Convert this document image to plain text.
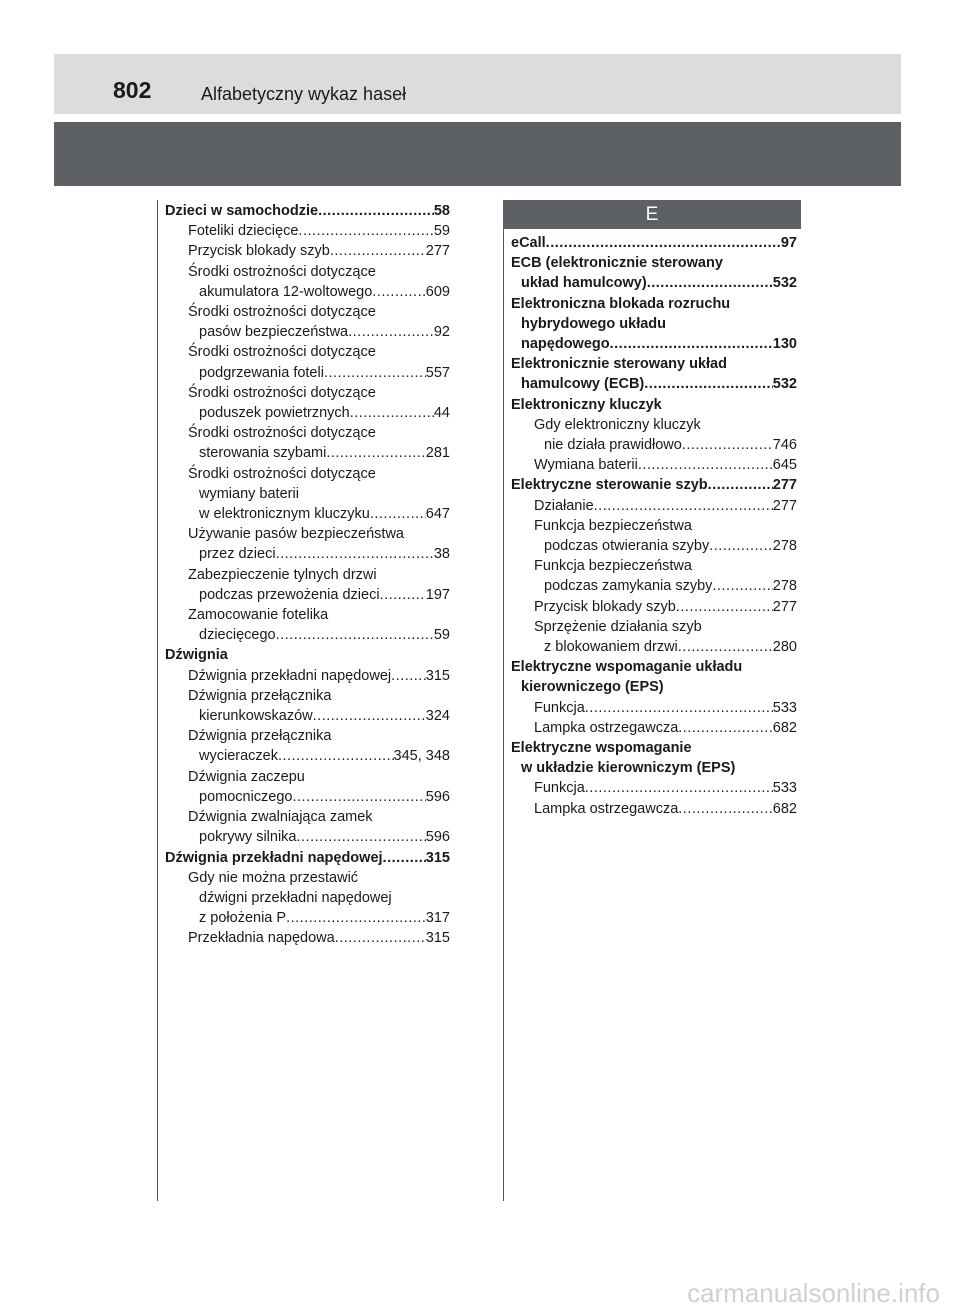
802	Alfabetyczny wykaz haseł
Dzieci w samochodzie .....	58
Foteliki dziecięce .....	59
Przycisk blokady szyb .....	277
Środki ostrożności dotyczące
akumulatora 12-woltowego .....	609
Środki ostrożności dotyczące
pasów bezpieczeństwa .....	92
Środki ostrożności dotyczące
podgrzewania foteli .....	557
Środki ostrożności dotyczące
poduszek powietrznych .....	44
Środki ostrożności dotyczące
sterowania szybami .....	281
Środki ostrożności dotyczące
wymiany baterii
w elektronicznym kluczyku .....	647
Używanie pasów bezpieczeństwa
przez dzieci .....	38
Zabezpieczenie tylnych drzwi
podczas przewożenia dzieci .....	197
Zamocowanie fotelika
dziecięcego .....	59
Dźwignia
Dźwignia przekładni napędowej ..... 315
Dźwignia przełącznika
kierunkowskazów .....	324
Dźwignia przełącznika
wycieraczek .....	345, 348
Dźwignia zaczepu
pomocniczego .....	596
Dźwignia zwalniająca zamek
pokrywy silnika .....	596
Dźwignia przekładni napędowej .....	315
Gdy nie można przestawić
dźwigni przekładni napędowej
z położenia P .....	317
Przekładnia napędowa .....	315
E
eCall .....	97
ECB (elektronicznie sterowany
układ hamulcowy) .....	532
Elektroniczna blokada rozruchu
hybrydowego układu
napędowego .....	130
Elektronicznie sterowany układ
hamulcowy (ECB) .....	532
Elektroniczny kluczyk
Gdy elektroniczny kluczyk
nie działa prawidłowo .....	746
Wymiana baterii .....	645
Elektryczne sterowanie szyb .....	277
Działanie .....	277
Funkcja bezpieczeństwa
podczas otwierania szyby .....	278
Funkcja bezpieczeństwa
podczas zamykania szyby .....	278
Przycisk blokady szyb .....	277
Sprzężenie działania szyb
z blokowaniem drzwi .....	280
Elektryczne wspomaganie układu
kierowniczego (EPS)
Funkcja .....	533
Lampka ostrzegawcza .....	682
Elektryczne wspomaganie
w układzie kierowniczym (EPS)
Funkcja .....	533
Lampka ostrzegawcza .....	682
carmanualsonline.info
